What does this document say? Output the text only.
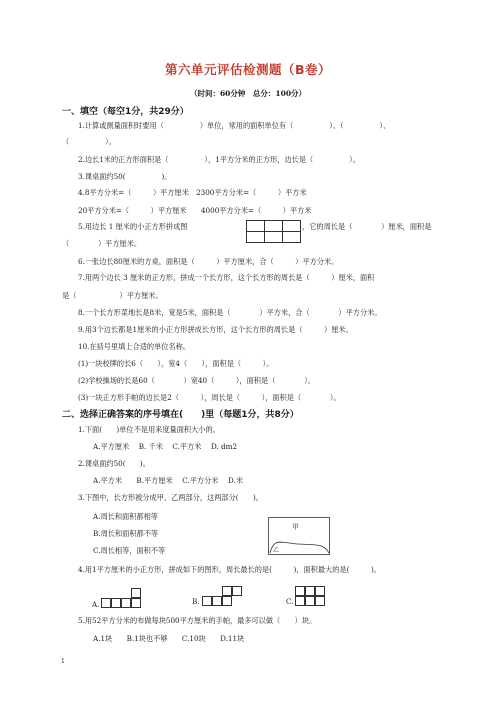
第六单元评估检测题（B卷）
（时间：60分钟　总分：100分）
一、填空（每空1分，共29分）
1.计算或测量面积时要用（　　　　　）单位，常用的面积单位有（　　　　　）、（　　　　　）、
（　　　　　）。
2.边长1米的正方形面积是（　　　　　），1平方分米的正方形，边长是（　　　　　）。
3.课桌面约50(　　　　　)。
4.8平方分米=（　　　）平方厘米　2300平方分米=（　　　）平方米
20平方分米=（　　　）平方厘米　　4000平方分米=（　　　）平方米
5.用边长 1 厘米的小正方形拼成图	，它的周长是（　　　　）厘米，面积是
（　　　　）平方厘米。
6.一张边长80厘米的方桌，面积是（　　　）平方厘米，合（　　　）平方分米。
7.用两个边长 3 厘米的正方形，拼成一个长方形，这个长方形的周长是（　　　）厘米，面积
是（　　　　　　）平方厘米。
8.一个长方形菜地长是8米，宽是5米，面积是（　　　　）平方米，合（　　　　）平方分米。
9.用3个边长都是1厘米的小正方形拼成长方形，这个长方形的周长是（　　　）厘米。
10.在括号里填上合适的单位名称。
(1)一块校牌的长6（　　），宽4（　　），面积是（　　　）。
(2)学校操场的长是60（　　　　）宽40（　　　），面积是（　　　　）。
(3)一块正方形手帕的边长是2（　　　），周长是（　　　），面积是（　　　　）。
二、选择正确答案的序号填在(　　)里（每题1分，共8分）
1.下面(　　)单位不是用来度量面积大小的。
A.平方厘米　 B. 千米　 C.平方米　 D. dm2
2.课桌面约50(　　)。
A.平方米　　B.平方厘米　 C.平方分米　 D.米
3.下图中，长方形被分成甲、乙两部分，这两部分(　　)。
A.周长和面积都相等
B.周长和面积都不等
C.周长相等，面积不等
甲
乙
4.用1平方厘米的小正方形，拼成如下的图形，周长最长的是(　　　)，面积最大的是(　　　)。
A.	B.	C.
5.用52平方分米的布做每块500平方厘米的手帕，最多可以做（　　）块。
A.1块　　B.1块也不够　　C.10块　　D.11块
1
